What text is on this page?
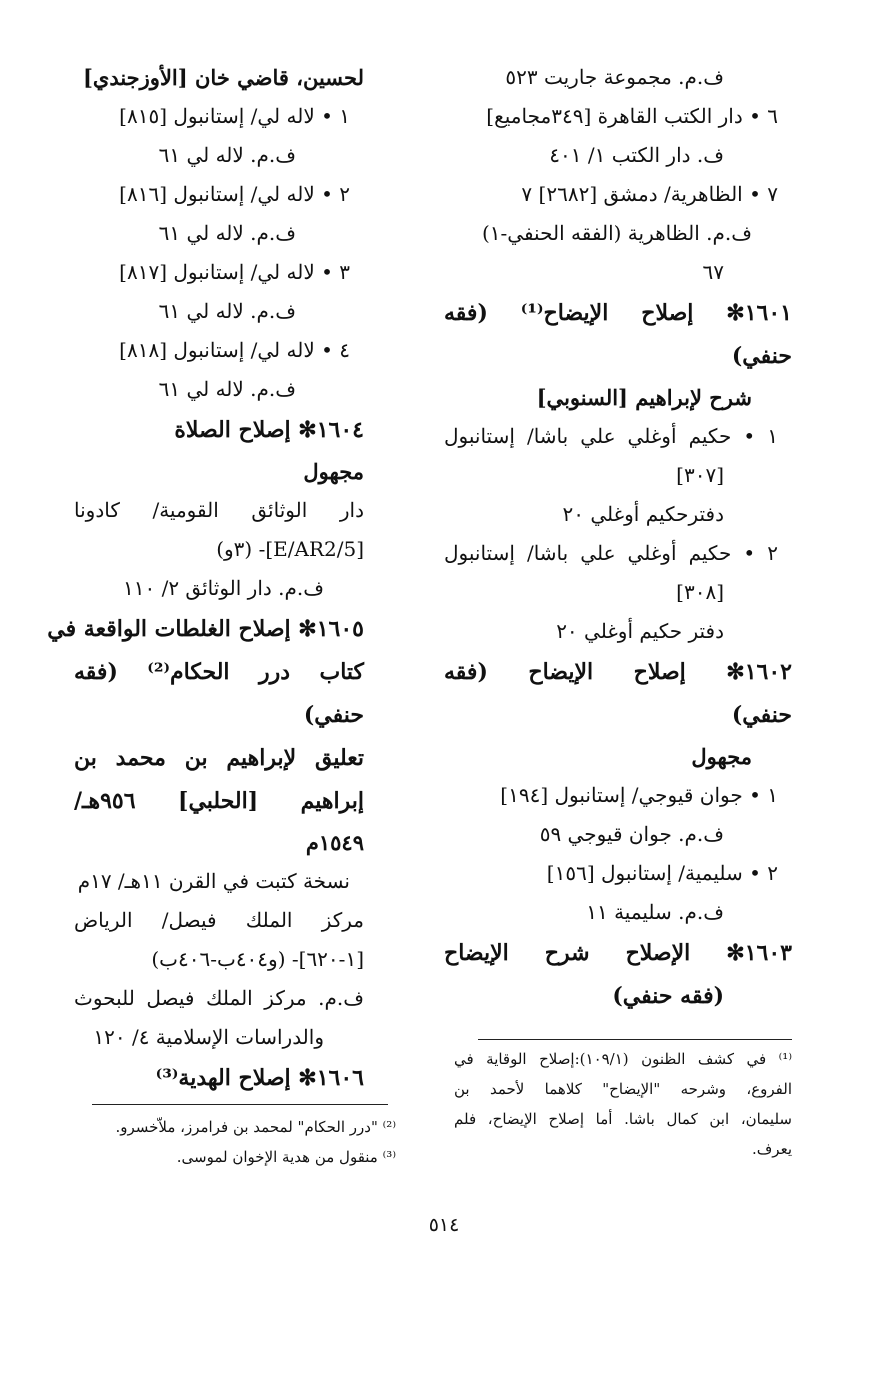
ف.م. مجموعة جاريت ٥٢٣
٦ • دار الكتب القاهرة [٣٤٩مجاميع]
ف. دار الكتب ١/ ٤٠١
٧ • الظاهرية/ دمشق [٢٦٨٢] ٧
ف.م. الظاهرية (الفقه الحنفي-١)
٦٧
١٦٠١✻ إصلاح الإيضاح⁽¹⁾ (فقه
حنفي)
شرح لإبراهيم [السنوبي]
١ • حكيم أوغلي علي باشا/ إستانبول
[٣٠٧]
دفترحكيم أوغلي ٢٠
٢ • حكيم أوغلي علي باشا/ إستانبول
[٣٠٨]
دفتر حكيم أوغلي ٢٠
١٦٠٢✻ إصلاح الإيضاح (فقه
حنفي)
مجهول
١ • جوان قيوجي/ إستانبول [١٩٤]
ف.م. جوان قيوجي ٥٩
٢ • سليمية/ إستانبول [١٥٦]
ف.م. سليمية ١١
١٦٠٣✻ الإصلاح شرح الإيضاح
(فقه حنفي)
لحسين، قاضي خان [الأوزجندي]
١ • لاله لي/ إستانبول [٨١٥]
ف.م. لاله لي ٦١
٢ • لاله لي/ إستانبول [٨١٦]
ف.م. لاله لي ٦١
٣ • لاله لي/ إستانبول [٨١٧]
ف.م. لاله لي ٦١
٤ • لاله لي/ إستانبول [٨١٨]
ف.م. لاله لي ٦١
١٦٠٤✻ إصلاح الصلاة
مجهول
دار الوثائق القومية/ كادونا
[E/AR2/5]- (٣و)
ف.م. دار الوثائق ٢/ ١١٠
١٦٠٥✻ إصلاح الغلطات الواقعة في
كتاب درر الحكام⁽²⁾ (فقه
حنفي)
تعليق لإبراهيم بن محمد بن
إبراهيم [الحلبي] ٩٥٦هـ/
١٥٤٩م
نسخة كتبت في القرن ١١هـ/ ١٧م
مركز الملك فيصل/ الرياض
[١-٦٢٠]- (و٤٠٤ب-٤٠٦ب)
ف.م. مركز الملك فيصل للبحوث
والدراسات الإسلامية ٤/ ١٢٠
١٦٠٦✻ إصلاح الهدية⁽³⁾
⁽¹⁾ في كشف الظنون (١٠٩/١):إصلاح الوقاية في
الفروع، وشرحه "الإيضاح" كلاهما لأحمد بن
سليمان، ابن كمال باشا. أما إصلاح الإيضاح، فلم
يعرف.
⁽²⁾ "درر الحكام" لمحمد بن فرامرز، ملاّخسرو.
⁽³⁾ منقول من هدية الإخوان لموسى.
٥١٤
